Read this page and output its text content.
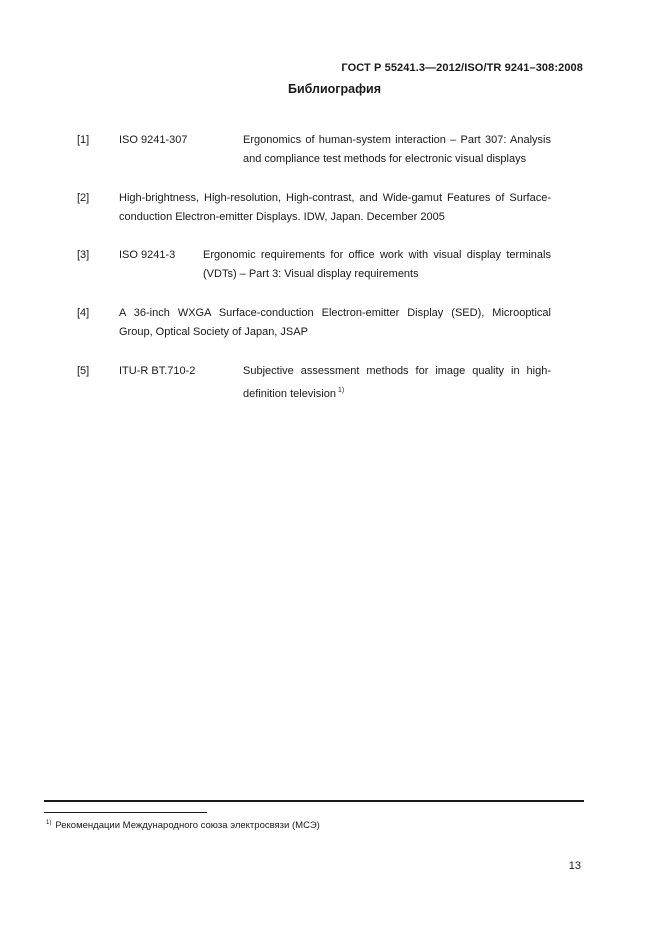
ГОСТ Р 55241.3—2012/ISO/TR 9241–308:2008
Библиография
[1]	ISO 9241-307	Ergonomics of human-system interaction – Part 307: Analysis and compliance test methods for electronic visual displays
[2]	High-brightness, High-resolution, High-contrast, and Wide-gamut Features of Surface-conduction Electron-emitter Displays. IDW, Japan. December 2005
[3]	ISO 9241-3	Ergonomic requirements for office work with visual display terminals (VDTs) – Part 3: Visual display requirements
[4]	A 36-inch WXGA Surface-conduction Electron-emitter Display (SED), Microoptical Group, Optical Society of Japan, JSAP
[5]	ITU-R BT.710-2	Subjective assessment methods for image quality in high-definition television $^{1)}$
$^{1)}$ Рекомендации Международного союза электросвязи (МСЭ)
13
